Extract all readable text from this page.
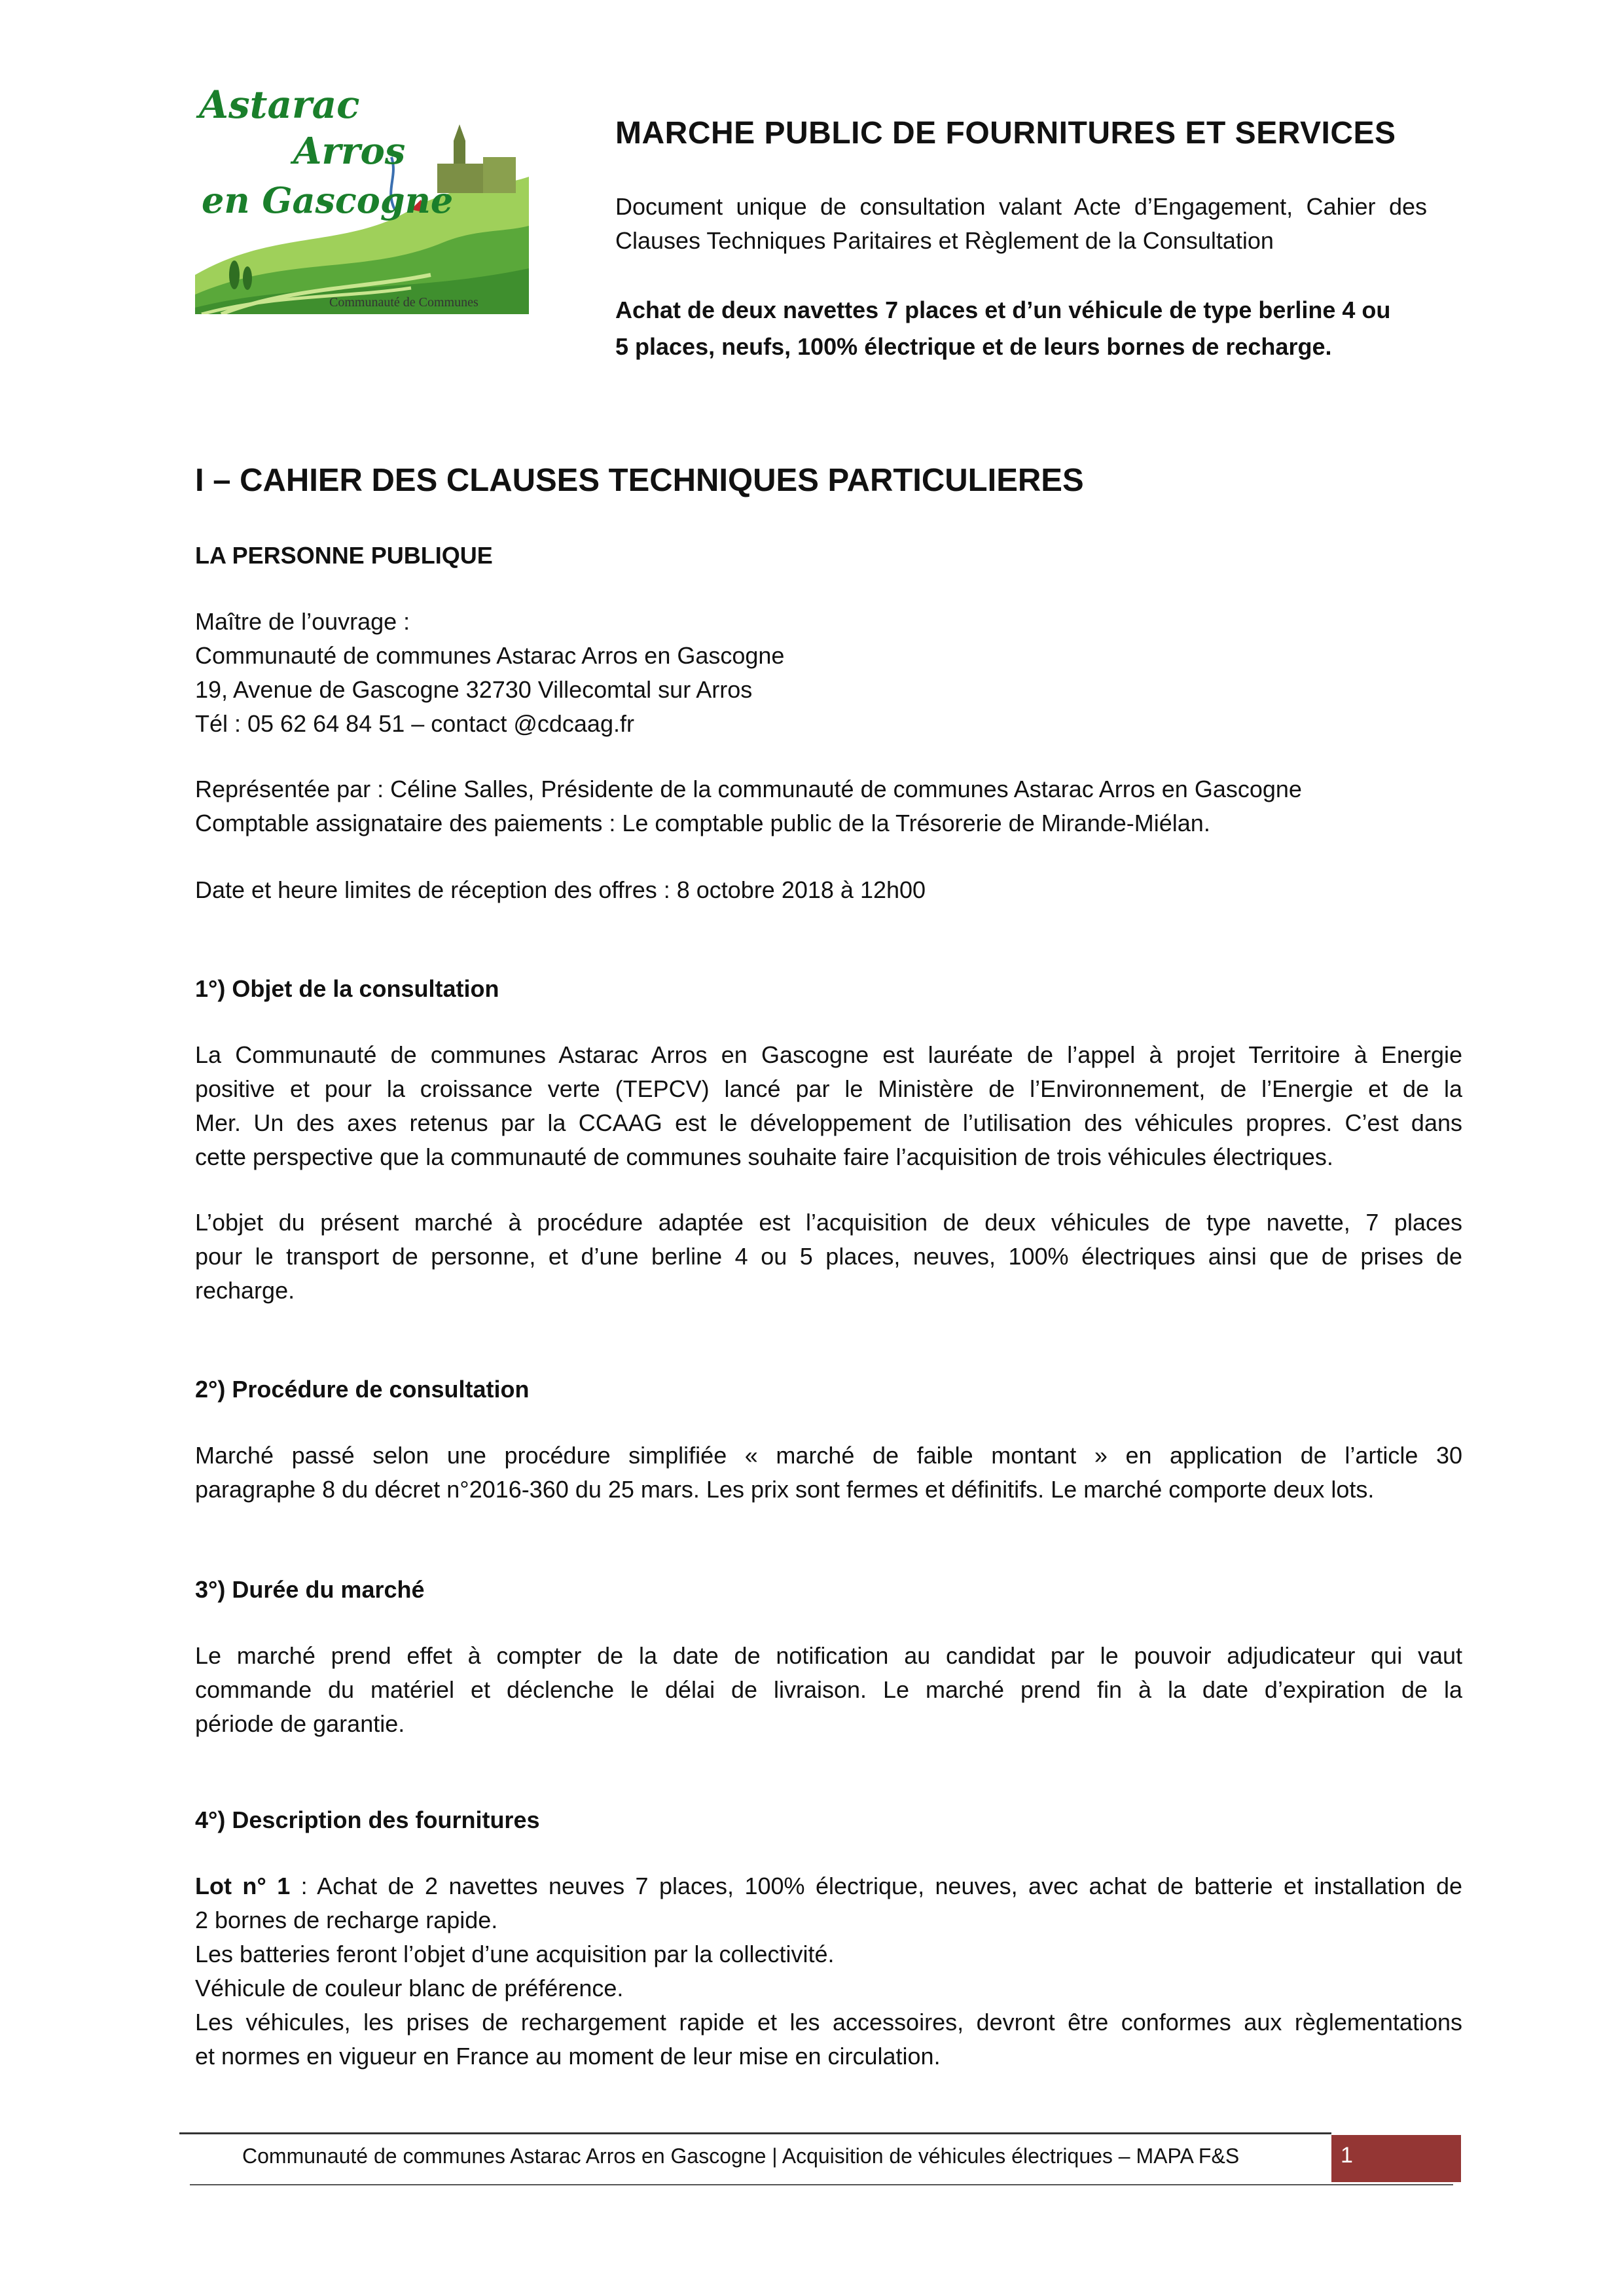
Astarac
Arros
en Gascogne
Communauté de Communes
MARCHE PUBLIC DE FOURNITURES ET SERVICES
Document unique de consultation valant Acte d’Engagement, Cahier des Clauses Techniques Paritaires et Règlement de la Consultation
Achat de deux navettes 7 places et d’un véhicule de type berline 4 ou
5 places, neufs, 100% électrique et de leurs bornes de recharge.
I – CAHIER DES CLAUSES TECHNIQUES PARTICULIERES
LA PERSONNE PUBLIQUE
Maître de l’ouvrage :
Communauté de communes Astarac Arros en Gascogne
19, Avenue de Gascogne 32730 Villecomtal sur Arros
Tél : 05 62 64 84 51 – contact @cdcaag.fr
Représentée par : Céline Salles, Présidente de la communauté de communes Astarac Arros en Gascogne
Comptable assignataire des paiements : Le comptable public de la Trésorerie de Mirande-Miélan.
Date et heure limites de réception des offres : 8 octobre 2018 à 12h00
1°) Objet de la consultation
La Communauté de communes Astarac Arros en Gascogne est lauréate de l’appel à projet Territoire à Energie
positive et pour la croissance verte (TEPCV) lancé par le Ministère de l’Environnement, de l’Energie et de la
Mer. Un des axes retenus par la CCAAG est le développement de l’utilisation des véhicules propres. C’est dans
cette perspective que la communauté de communes souhaite faire l’acquisition de trois véhicules électriques.
L’objet du présent marché à procédure adaptée est l’acquisition de deux véhicules de type navette, 7 places
pour le transport de personne, et d’une berline 4 ou 5 places, neuves, 100% électriques ainsi que de prises de
recharge.
2°) Procédure de consultation
Marché passé selon une procédure simplifiée « marché de faible montant » en application de l’article 30
paragraphe 8 du décret n°2016-360 du 25 mars. Les prix sont fermes et définitifs. Le marché comporte deux lots.
3°) Durée du marché
Le marché prend effet à compter de la date de notification au candidat par le pouvoir adjudicateur qui vaut
commande du matériel et déclenche le délai de livraison. Le marché prend fin à la date d’expiration de la
période de garantie.
4°) Description des fournitures
Lot n° 1 : Achat de 2 navettes neuves 7 places, 100% électrique, neuves, avec achat de batterie et installation de
2 bornes de recharge rapide.
Les batteries feront l’objet d’une acquisition par la collectivité.
Véhicule de couleur blanc de préférence.
Les véhicules, les prises de rechargement rapide et les accessoires, devront être conformes aux règlementations
et normes en vigueur en France au moment de leur mise en circulation.
Communauté de communes Astarac Arros en Gascogne | Acquisition de véhicules électriques – MAPA F&S	1
